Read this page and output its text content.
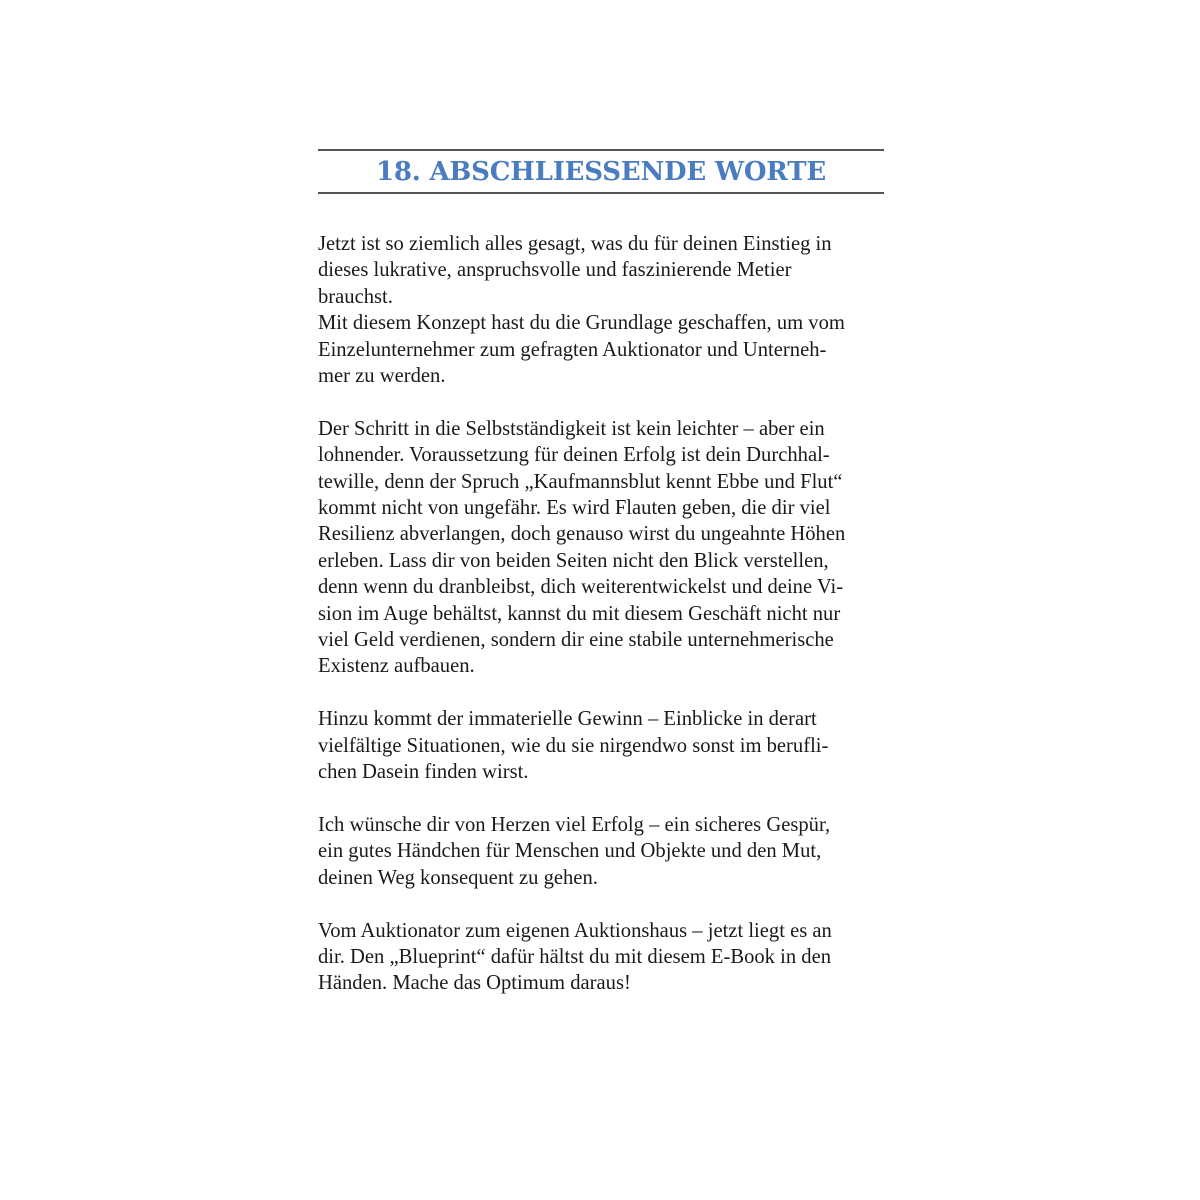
18. ABSCHLIESSENDE WORTE

Jetzt ist so ziemlich alles gesagt, was du für deinen Einstieg in
dieses lukrative, anspruchsvolle und faszinierende Metier
brauchst.
Mit diesem Konzept hast du die Grundlage geschaffen, um vom
Einzelunternehmer zum gefragten Auktionator und Unterneh-
mer zu werden.

Der Schritt in die Selbstständigkeit ist kein leichter – aber ein
lohnender. Voraussetzung für deinen Erfolg ist dein Durchhal-
tewille, denn der Spruch „Kaufmannsblut kennt Ebbe und Flut“
kommt nicht von ungefähr. Es wird Flauten geben, die dir viel
Resilienz abverlangen, doch genauso wirst du ungeahnte Höhen
erleben. Lass dir von beiden Seiten nicht den Blick verstellen,
denn wenn du dranbleibst, dich weiterentwickelst und deine Vi-
sion im Auge behältst, kannst du mit diesem Geschäft nicht nur
viel Geld verdienen, sondern dir eine stabile unternehmerische
Existenz aufbauen.

Hinzu kommt der immaterielle Gewinn – Einblicke in derart
vielfältige Situationen, wie du sie nirgendwo sonst im berufli-
chen Dasein finden wirst.

Ich wünsche dir von Herzen viel Erfolg – ein sicheres Gespür,
ein gutes Händchen für Menschen und Objekte und den Mut,
deinen Weg konsequent zu gehen.

Vom Auktionator zum eigenen Auktionshaus – jetzt liegt es an
dir. Den „Blueprint“ dafür hältst du mit diesem E-Book in den
Händen. Mache das Optimum daraus!
